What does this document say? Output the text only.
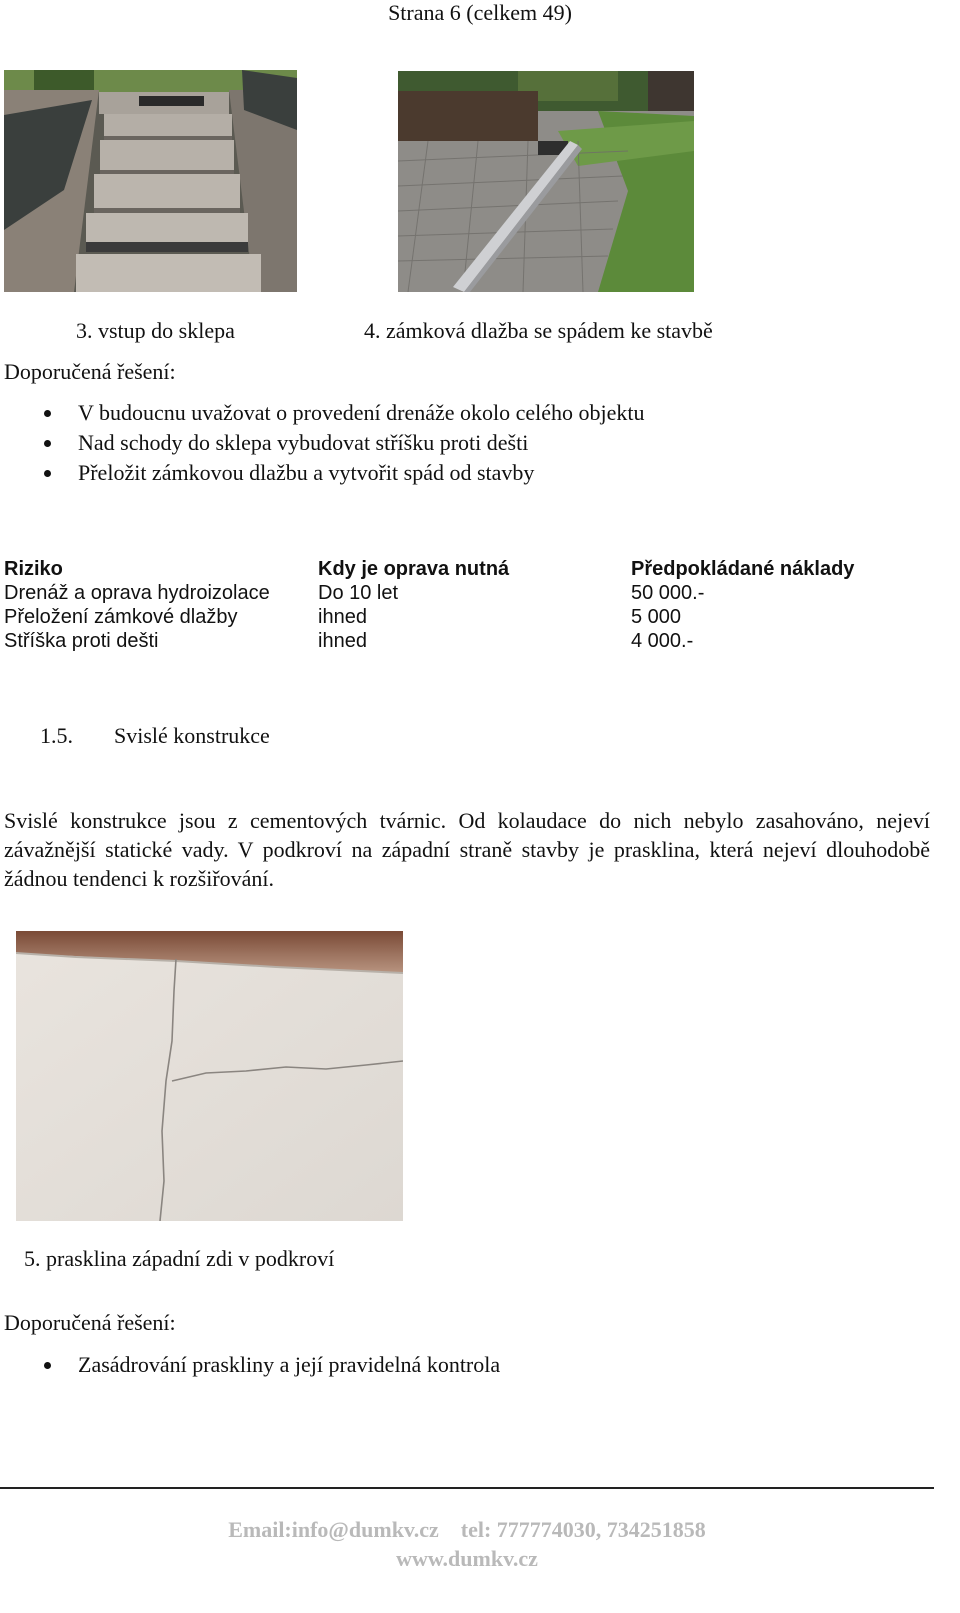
Strana 6 (celkem 49)
3. vstup do sklepa	4. zámková dlažba se spádem ke stavbě
Doporučená řešení:
V budoucnu uvažovat o provedení drenáže okolo celého objektu
Nad schody do sklepa vybudovat stříšku proti dešti
Přeložit zámkovou dlažbu a vytvořit spád od stavby
Riziko	Kdy je oprava nutná	Předpokládané náklady
Drenáž a oprava hydroizolace	Do 10 let	50 000.-
Přeložení zámkové dlažby	ihned	5 000
Stříška proti dešti	ihned	4 000.-
1.5. Svislé konstrukce

Svislé konstrukce jsou z cementových tvárnic. Od kolaudace do nich nebylo zasahováno, nejeví závažnější statické vady. V podkroví na západní straně stavby je prasklina, která nejeví dlouhodobě žádnou tendenci k rozšiřování.

5. prasklina západní zdi v podkroví
Doporučená řešení:
Zasádrování praskliny a její pravidelná kontrola
Email:info@dumkv.cz    tel: 777774030, 734251858
www.dumkv.cz
